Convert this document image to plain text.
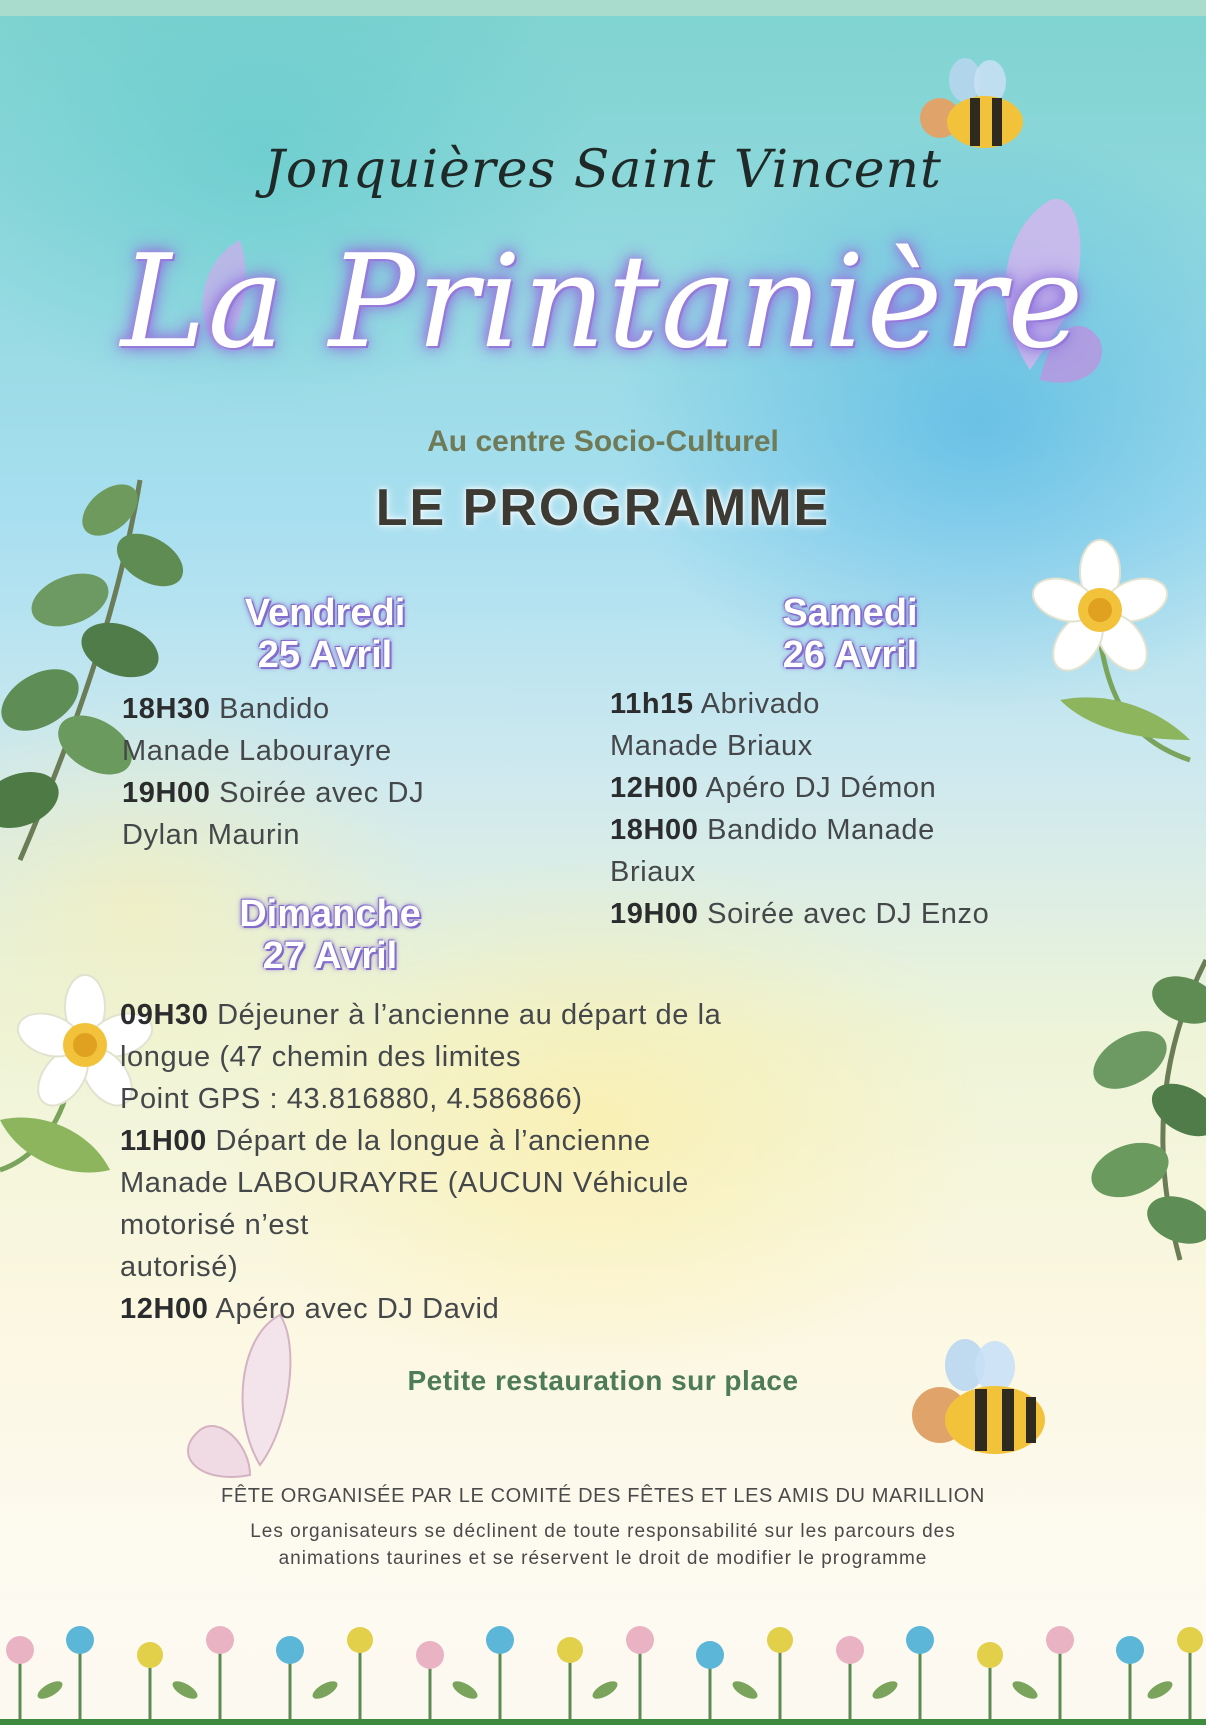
Jonquières Saint Vincent
La Printanière
Au centre Socio-Culturel
LE PROGRAMME
Vendredi
25 Avril
18H30 Bandido
Manade Labourayre
19H00 Soirée avec DJ
Dylan Maurin
Samedi
26 Avril
11h15 Abrivado
Manade Briaux
12H00 Apéro DJ Démon
18H00 Bandido Manade
Briaux
19H00 Soirée avec DJ Enzo
Dimanche
27 Avril
09H30 Déjeuner à l’ancienne au départ de la
longue (47 chemin des limites
Point GPS : 43.816880, 4.586866)
11H00 Départ de la longue à l’ancienne
Manade LABOURAYRE (AUCUN Véhicule
motorisé n’est
autorisé)
12H00 Apéro avec DJ David
Petite restauration sur place
FÊTE ORGANISÉE PAR LE COMITÉ DES FÊTES ET LES AMIS DU MARILLION
Les organisateurs se déclinent de toute responsabilité sur les parcours des
animations taurines et se réservent le droit de modifier le programme
